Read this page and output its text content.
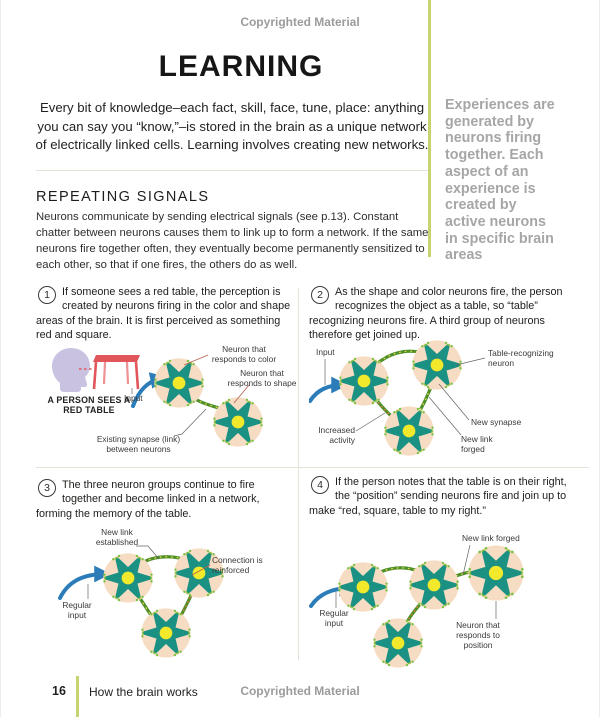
Copyrighted Material
LEARNING
Every bit of knowledge–each fact, skill, face, tune, place: anything you can say you “know,”–is stored in the brain as a unique network of electrically linked cells. Learning involves creating new networks.
Experiences are generated by neurons firing together. Each aspect of an experience is created by active neurons in specific brain areas
REPEATING SIGNALS
Neurons communicate by sending electrical signals (see p.13). Constant chatter between neurons causes them to link up to form a network. If the same neurons fire together often, they eventually become permanently sensitized to each other, so that if one fires, the others do as well.

1	If someone sees a red table, the perception is created by neurons firing in the color and shape areas of the brain. It is first perceived as something red and square.

A PERSON SEES A RED TABLE
Input
Neuron that responds to color
Neuron that responds to shape
Existing synapse (link) between neurons

2	As the shape and color neurons fire, the person recognizes the object as a table, so “table” recognizing neurons fire. A third group of neurons therefore get joined up.

Input	Table-recognizing neuron
New synapse
New link forged
Increased activity

3	The three neuron groups continue to fire together and become linked in a network, forming the memory of the table.

New link established
Connection is reinforced
Regular input

4	If the person notes that the table is on their right, the “position” sending neurons fire and join up to make “red, square, table to my right.”

New link forged
Regular input	Neuron that responds to position
16 How the brain works	Copyrighted Material
